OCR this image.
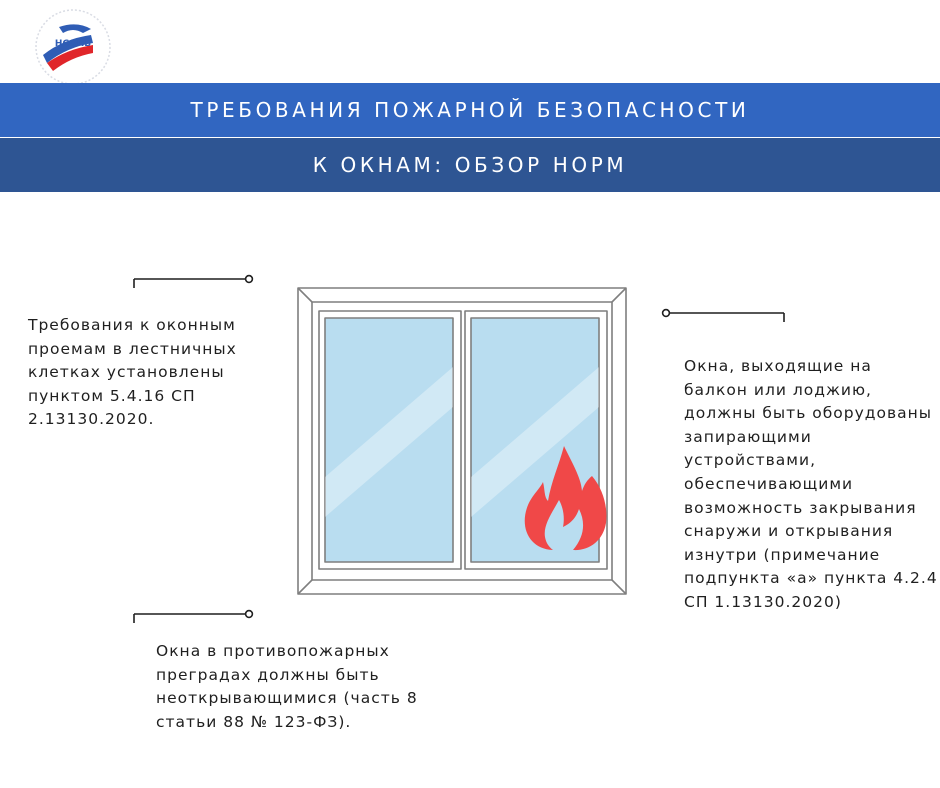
НСОПБ
ТРЕБОВАНИЯ ПОЖАРНОЙ БЕЗОПАСНОСТИ
К ОКНАМ: ОБЗОР НОРМ
Требования к оконным проемам в лестничных клетках установлены пунктом 5.4.16 СП 2.13130.2020.
Окна в противопожарных преградах должны быть неоткрывающимися (часть 8 статьи 88 № 123-ФЗ).
Окна, выходящие на балкон или лоджию, должны быть оборудованы запирающими устройствами, обеспечивающими возможность закрывания снаружи и открывания изнутри (примечание подпункта «а» пункта 4.2.4 СП 1.13130.2020)
